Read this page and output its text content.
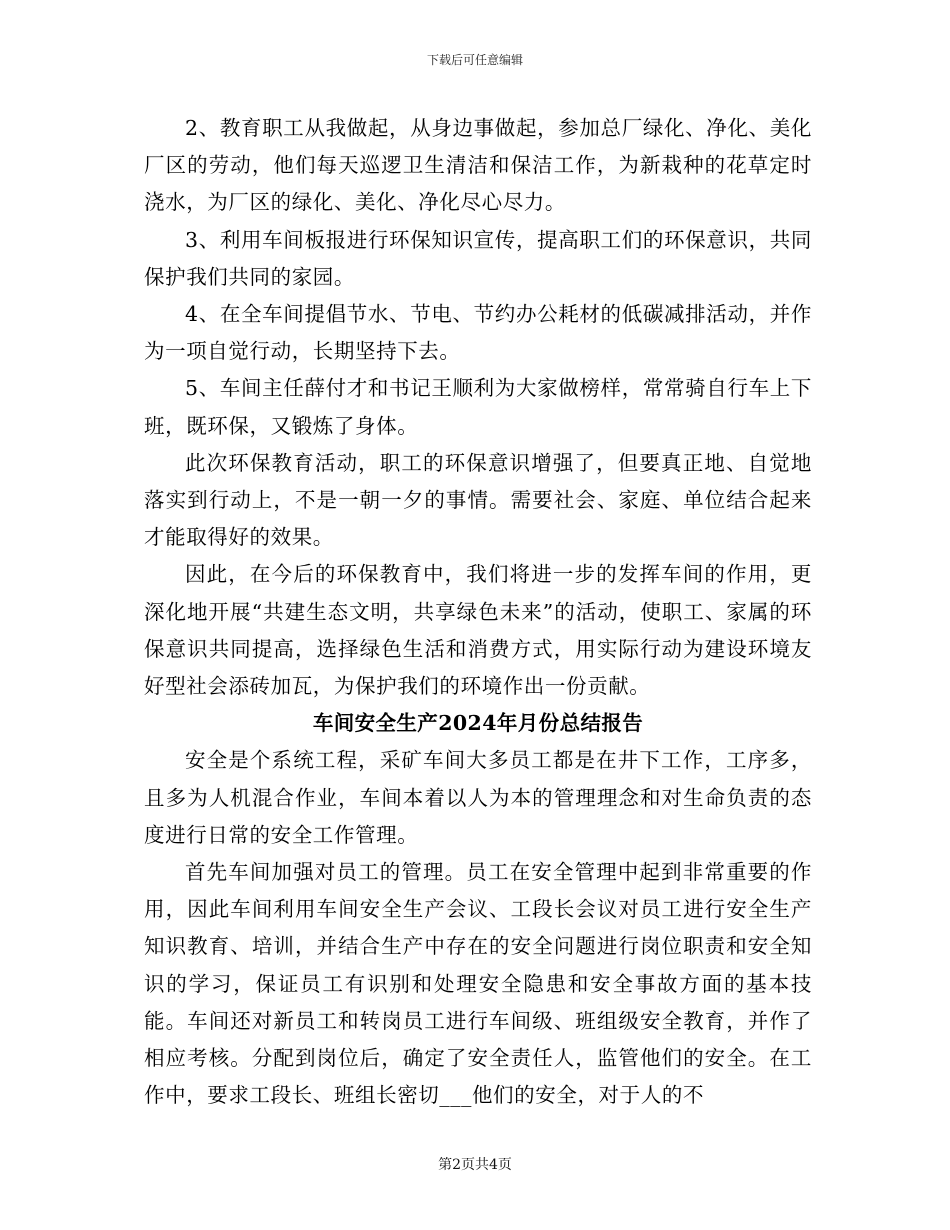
下载后可任意编辑

2、教育职工从我做起，从身边事做起，参加总厂绿化、净化、美化厂区的劳动，他们每天巡逻卫生清洁和保洁工作，为新栽种的花草定时浇水，为厂区的绿化、美化、净化尽心尽力。

3、利用车间板报进行环保知识宣传，提高职工们的环保意识，共同保护我们共同的家园。

4、在全车间提倡节水、节电、节约办公耗材的低碳减排活动，并作为一项自觉行动，长期坚持下去。

5、车间主任薛付才和书记王顺利为大家做榜样，常常骑自行车上下班，既环保，又锻炼了身体。

此次环保教育活动，职工的环保意识增强了，但要真正地、自觉地落实到行动上，不是一朝一夕的事情。需要社会、家庭、单位结合起来才能取得好的效果。

因此，在今后的环保教育中，我们将进一步的发挥车间的作用，更深化地开展“共建生态文明，共享绿色未来”的活动，使职工、家属的环保意识共同提高，选择绿色生活和消费方式，用实际行动为建设环境友好型社会添砖加瓦，为保护我们的环境作出一份贡献。

车间安全生产2024年月份总结报告

安全是个系统工程，采矿车间大多员工都是在井下工作，工序多，且多为人机混合作业，车间本着以人为本的管理理念和对生命负责的态度进行日常的安全工作管理。

首先车间加强对员工的管理。员工在安全管理中起到非常重要的作用，因此车间利用车间安全生产会议、工段长会议对员工进行安全生产知识教育、培训，并结合生产中存在的安全问题进行岗位职责和安全知识的学习，保证员工有识别和处理安全隐患和安全事故方面的基本技能。车间还对新员工和转岗员工进行车间级、班组级安全教育，并作了相应考核。分配到岗位后，确定了安全责任人，监管他们的安全。在工作中，要求工段长、班组长密切___他们的安全，对于人的不

第2页共4页
